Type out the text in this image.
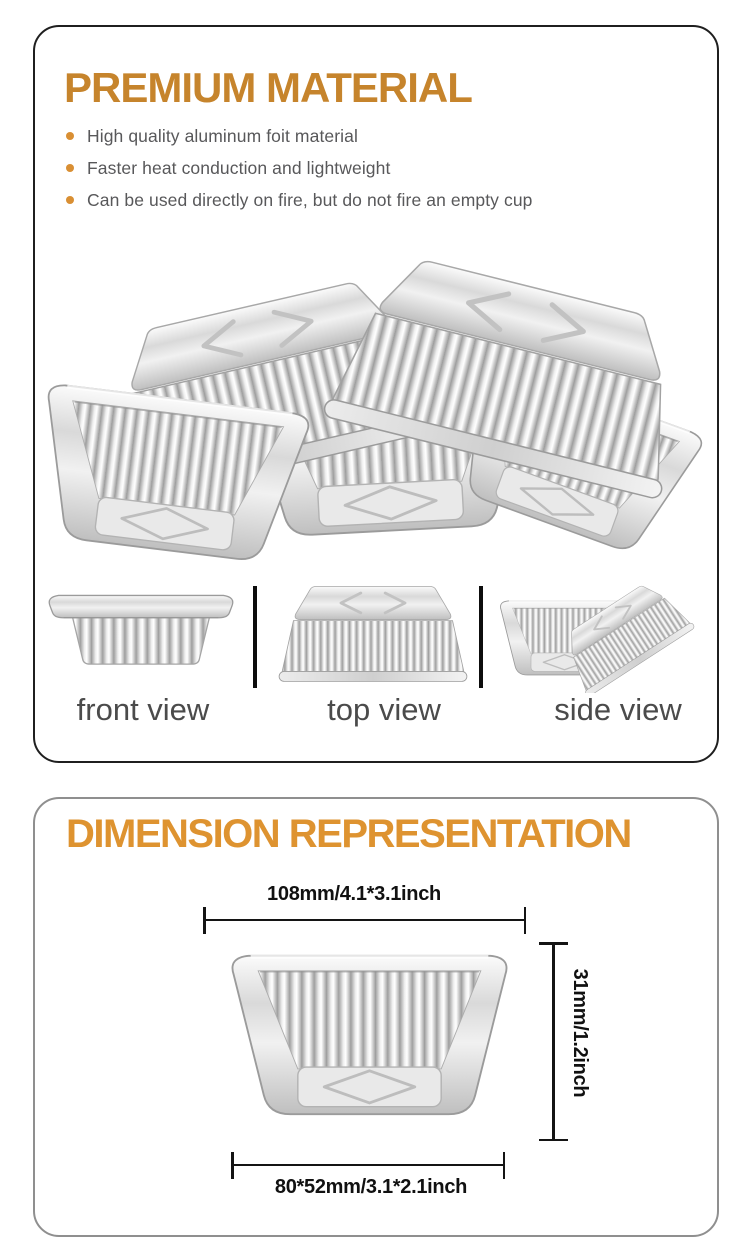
PREMIUM MATERIAL
High quality aluminum foit material
Faster heat conduction and lightweight
Can be used directly on fire, but do not fire an empty cup
front view	top view	side view
DIMENSION REPRESENTATION
108mm/4.1*3.1inch
31mm/1.2inch
80*52mm/3.1*2.1inch
